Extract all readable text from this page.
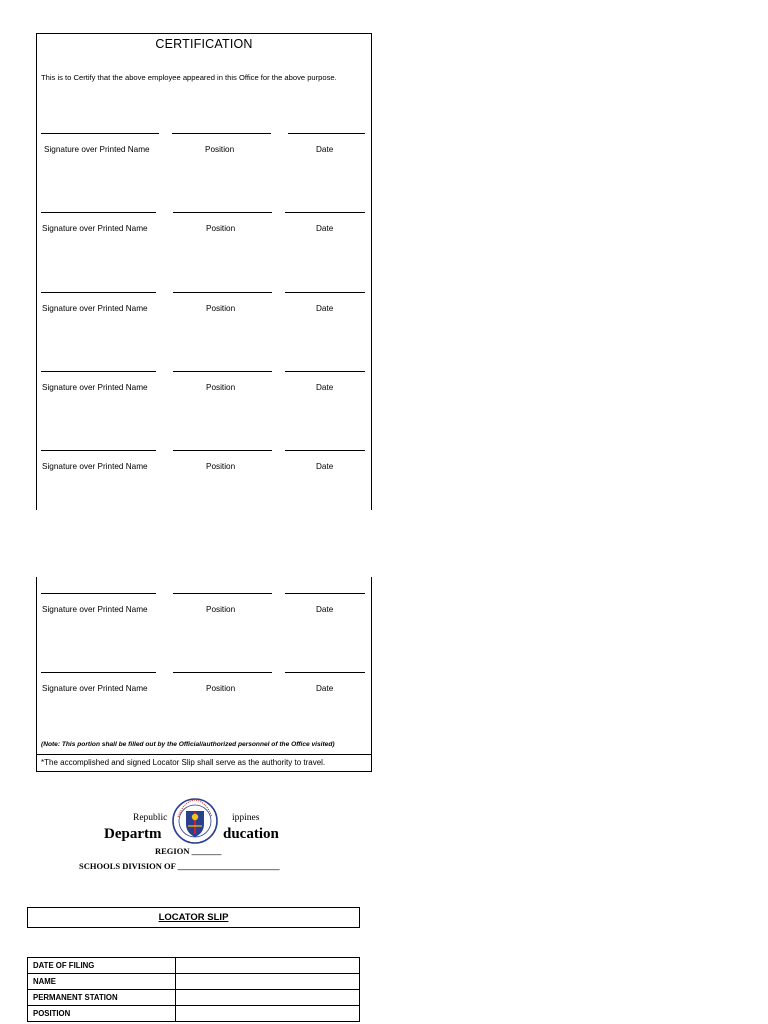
CERTIFICATION
This is to Certify that the above employee appeared in this Office for the above purpose.
Signature over Printed Name	Position	Date
Signature over Printed Name	Position	Date
Signature over Printed Name	Position	Date
Signature over Printed Name	Position	Date
Signature over Printed Name	Position	Date
Signature over Printed Name	Position	Date
Signature over Printed Name	Position	Date
(Note: This portion shall be filled out by the Official/authorized personnel of the Office visited)
*The accomplished and signed Locator Slip shall serve as the authority to travel.
Republic	ippines
Departm	ducation
REGION _______
SCHOOLS DIVISION OF ________________________
LOCATOR SLIP
DATE OF FILING	
NAME	
PERMANENT STATION	
POSITION	
